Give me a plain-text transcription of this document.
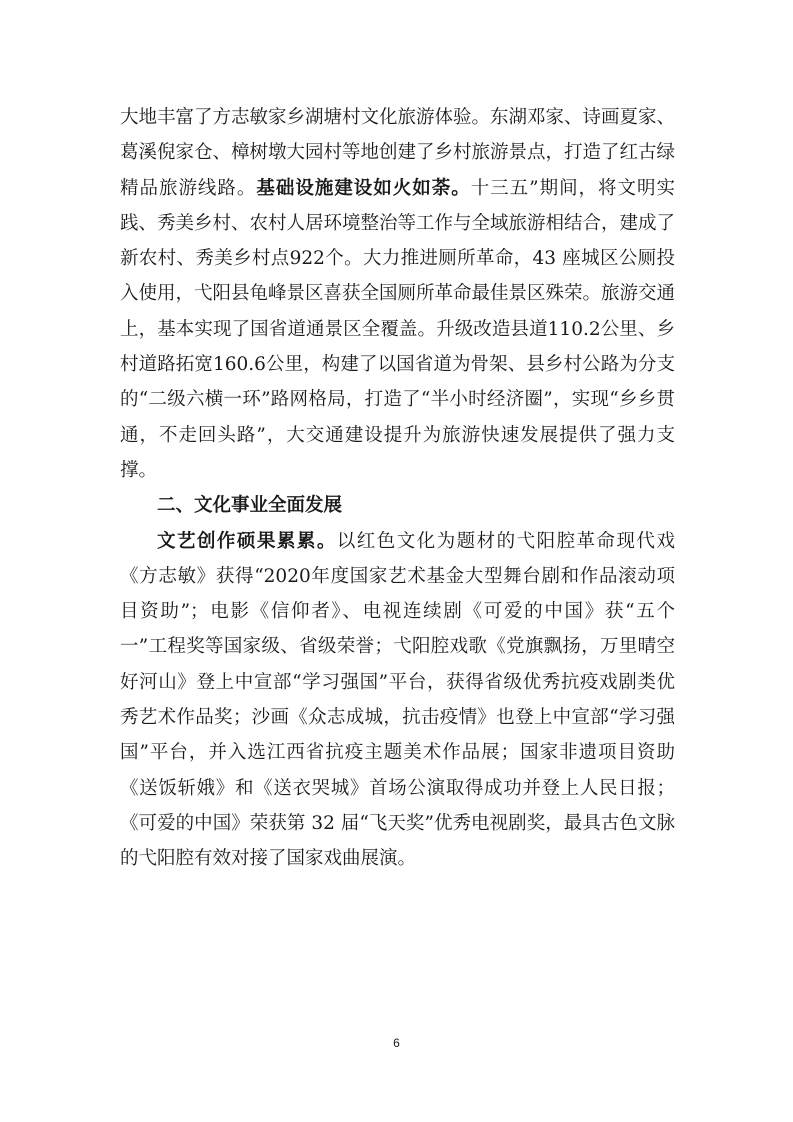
大地丰富了方志敏家乡湖塘村文化旅游体验。东湖邓家、诗画夏家、葛溪倪家仓、樟树墩大园村等地创建了乡村旅游景点，打造了红古绿精品旅游线路。基础设施建设如火如荼。十三五”期间，将文明实践、秀美乡村、农村人居环境整治等工作与全域旅游相结合，建成了新农村、秀美乡村点922个。大力推进厕所革命，43 座城区公厕投入使用，弋阳县龟峰景区喜获全国厕所革命最佳景区殊荣。旅游交通上，基本实现了国省道通景区全覆盖。升级改造县道110.2公里、乡村道路拓宽160.6公里，构建了以国省道为骨架、县乡村公路为分支的“二级六横一环”路网格局，打造了“半小时经济圈”，实现“乡乡贯通，不走回头路”，大交通建设提升为旅游快速发展提供了强力支撑。

二、文化事业全面发展

文艺创作硕果累累。以红色文化为题材的弋阳腔革命现代戏《方志敏》获得“2020年度国家艺术基金大型舞台剧和作品滚动项目资助”；电影《信仰者》、电视连续剧《可爱的中国》获“五个一”工程奖等国家级、省级荣誉；弋阳腔戏歌《党旗飘扬，万里晴空好河山》登上中宣部“学习强国”平台，获得省级优秀抗疫戏剧类优秀艺术作品奖；沙画《众志成城，抗击疫情》也登上中宣部“学习强国”平台，并入选江西省抗疫主题美术作品展；国家非遗项目资助《送饭斩娥》和《送衣哭城》首场公演取得成功并登上人民日报；《可爱的中国》荣获第 32 届“飞天奖”优秀电视剧奖，最具古色文脉的弋阳腔有效对接了国家戏曲展演。

6
